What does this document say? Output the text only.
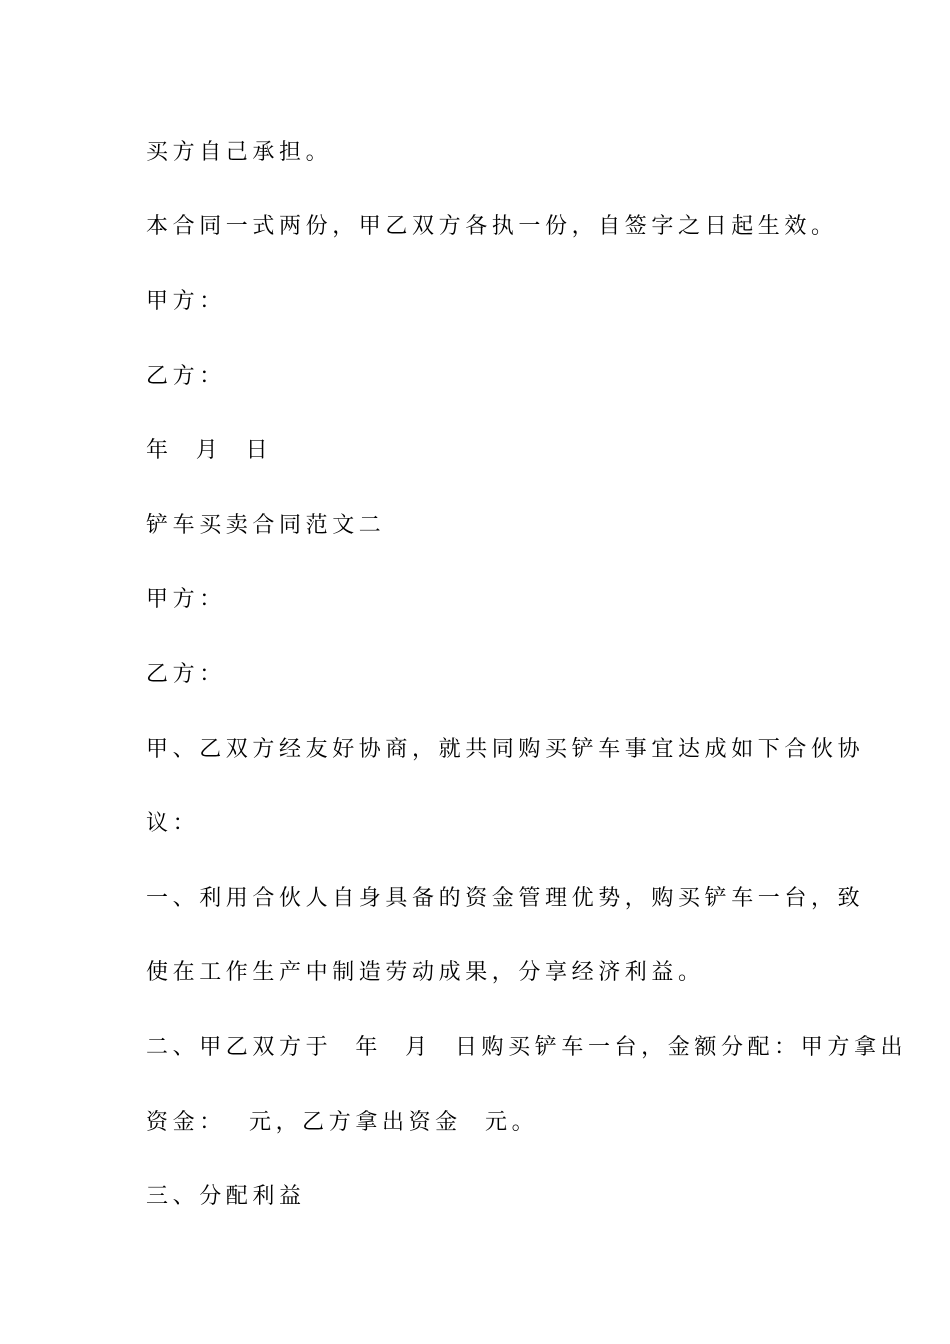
买方自己承担。
本合同一式两份，甲乙双方各执一份，自签字之日起生效。
甲方：
乙方：
年  月  日
铲车买卖合同范文二
甲方：
乙方：
甲、乙双方经友好协商，就共同购买铲车事宜达成如下合伙协
议：
一、利用合伙人自身具备的资金管理优势，购买铲车一台，致
使在工作生产中制造劳动成果，分享经济利益。
二、甲乙双方于  年  月  日购买铲车一台，金额分配：甲方拿出
资金：  元，乙方拿出资金  元。
三、分配利益
